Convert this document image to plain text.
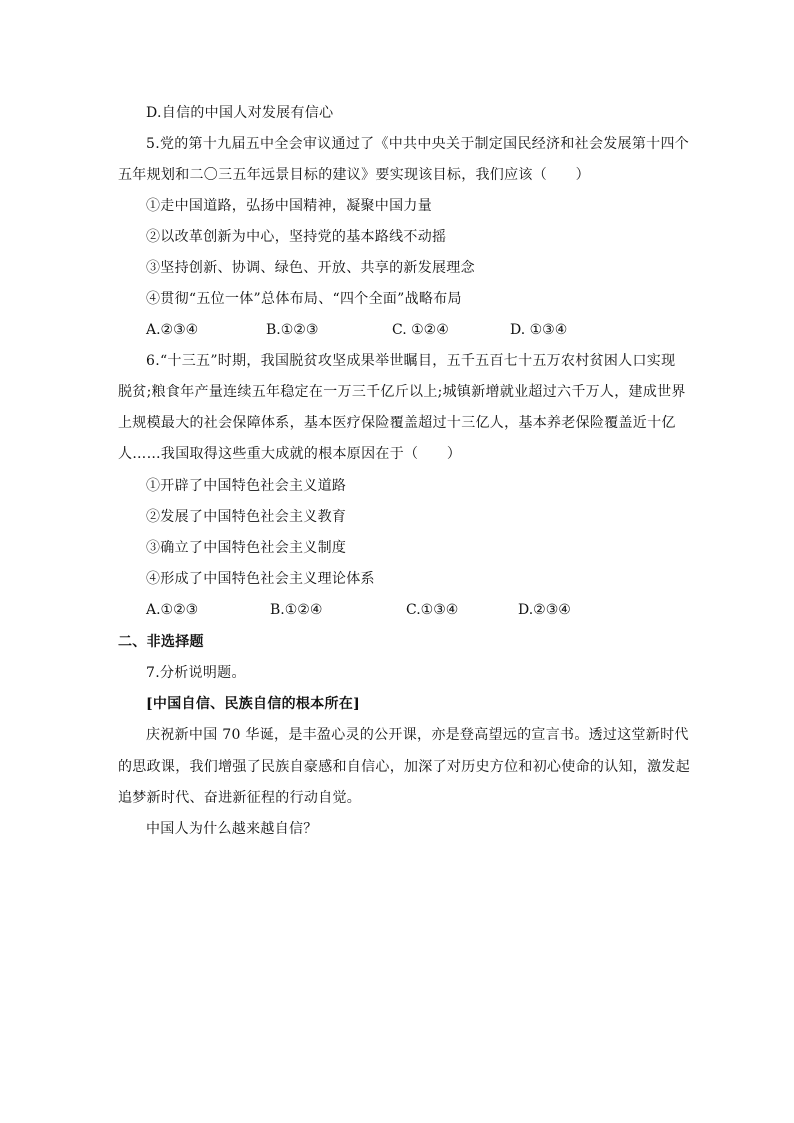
D.自信的中国人对发展有信心
5.党的第十九届五中全会审议通过了《中共中央关于制定国民经济和社会发展第十四个
五年规划和二〇三五年远景目标的建议》要实现该目标，我们应该（　　）
①走中国道路，弘扬中国精神，凝聚中国力量
②以改革创新为中心，坚持党的基本路线不动摇
③坚持创新、协调、绿色、开放、共享的新发展理念
④贯彻“五位一体”总体布局、“四个全面”战略布局
A.②③④	B.①②③	C. ①②④	D. ①③④
6.“十三五”时期，我国脱贫攻坚成果举世瞩目，五千五百七十五万农村贫困人口实现
脱贫;粮食年产量连续五年稳定在一万三千亿斤以上;城镇新增就业超过六千万人，建成世界
上规模最大的社会保障体系，基本医疗保险覆盖超过十三亿人，基本养老保险覆盖近十亿
人……我国取得这些重大成就的根本原因在于（　　）
①开辟了中国特色社会主义道路
②发展了中国特色社会主义教育
③确立了中国特色社会主义制度
④形成了中国特色社会主义理论体系
A.①②③	B.①②④	C.①③④	D.②③④
二、非选择题
7.分析说明题。
[中国自信、民族自信的根本所在]
庆祝新中国 70 华诞，是丰盈心灵的公开课，亦是登高望远的宣言书。透过这堂新时代
的思政课，我们增强了民族自豪感和自信心，加深了对历史方位和初心使命的认知，激发起
追梦新时代、奋进新征程的行动自觉。
中国人为什么越来越自信？
